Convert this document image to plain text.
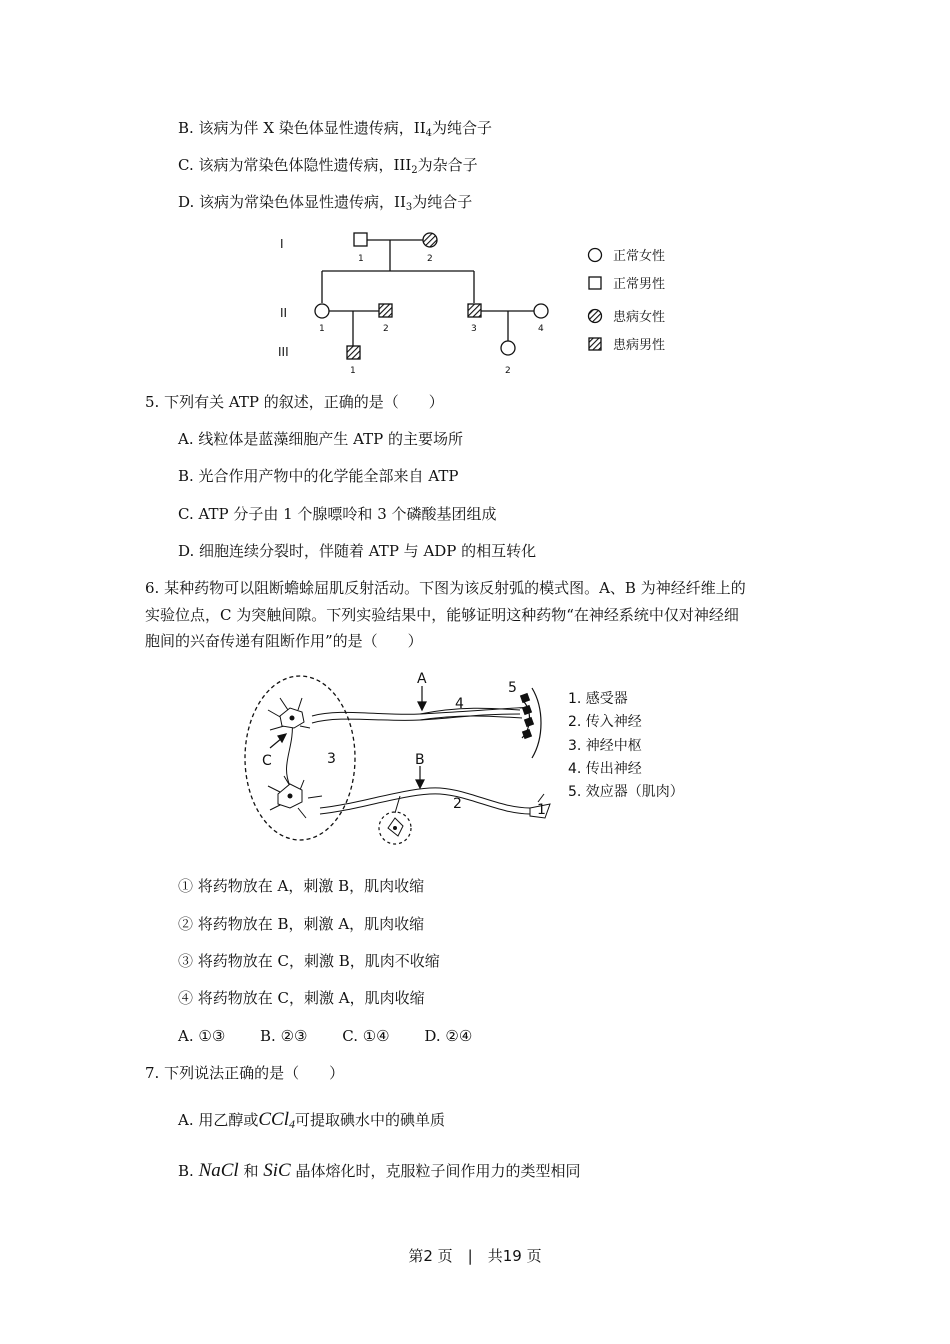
B. 该病为伴 X 染色体显性遗传病，$II_4$为纯合子
C. 该病为常染色体隐性遗传病，$III_2$为杂合子
D. 该病为常染色体显性遗传病，$II_3$为纯合子
I
II
III
1	2
1	2	3	4
1	2
正常女性
正常男性
患病女性
患病男性
5. 下列有关 ATP 的叙述，正确的是（　　）
A. 线粒体是蓝藻细胞产生 ATP 的主要场所
B. 光合作用产物中的化学能全部来自 ATP
C. ATP 分子由 1 个腺嘌呤和 3 个磷酸基团组成
D. 细胞连续分裂时，伴随着 ATP 与 ADP 的相互转化
6. 某种药物可以阻断蟾蜍屈肌反射活动。下图为该反射弧的模式图。A、B 为神经纤维上的
实验位点，C 为突触间隙。下列实验结果中，能够证明这种药物“在神经系统中仅对神经细
胞间的兴奋传递有阻断作用”的是（　　）
A
B
C
1
2
3
4
5
1. 感受器
2. 传入神经
3. 神经中枢
4. 传出神经
5. 效应器（肌肉）
① 将药物放在 A，刺激 B，肌肉收缩
② 将药物放在 B，刺激 A，肌肉收缩
③ 将药物放在 C，刺激 B，肌肉不收缩
④ 将药物放在 C，刺激 A，肌肉收缩
A. ①③　　 B. ②③　　 C. ①④　　 D. ②④
7. 下列说法正确的是（　　）
A. 用乙醇或CCl$_4$可提取碘水中的碘单质
B. NaCl 和 SiC 晶体熔化时，克服粒子间作用力的类型相同
第2 页　|　共19 页
